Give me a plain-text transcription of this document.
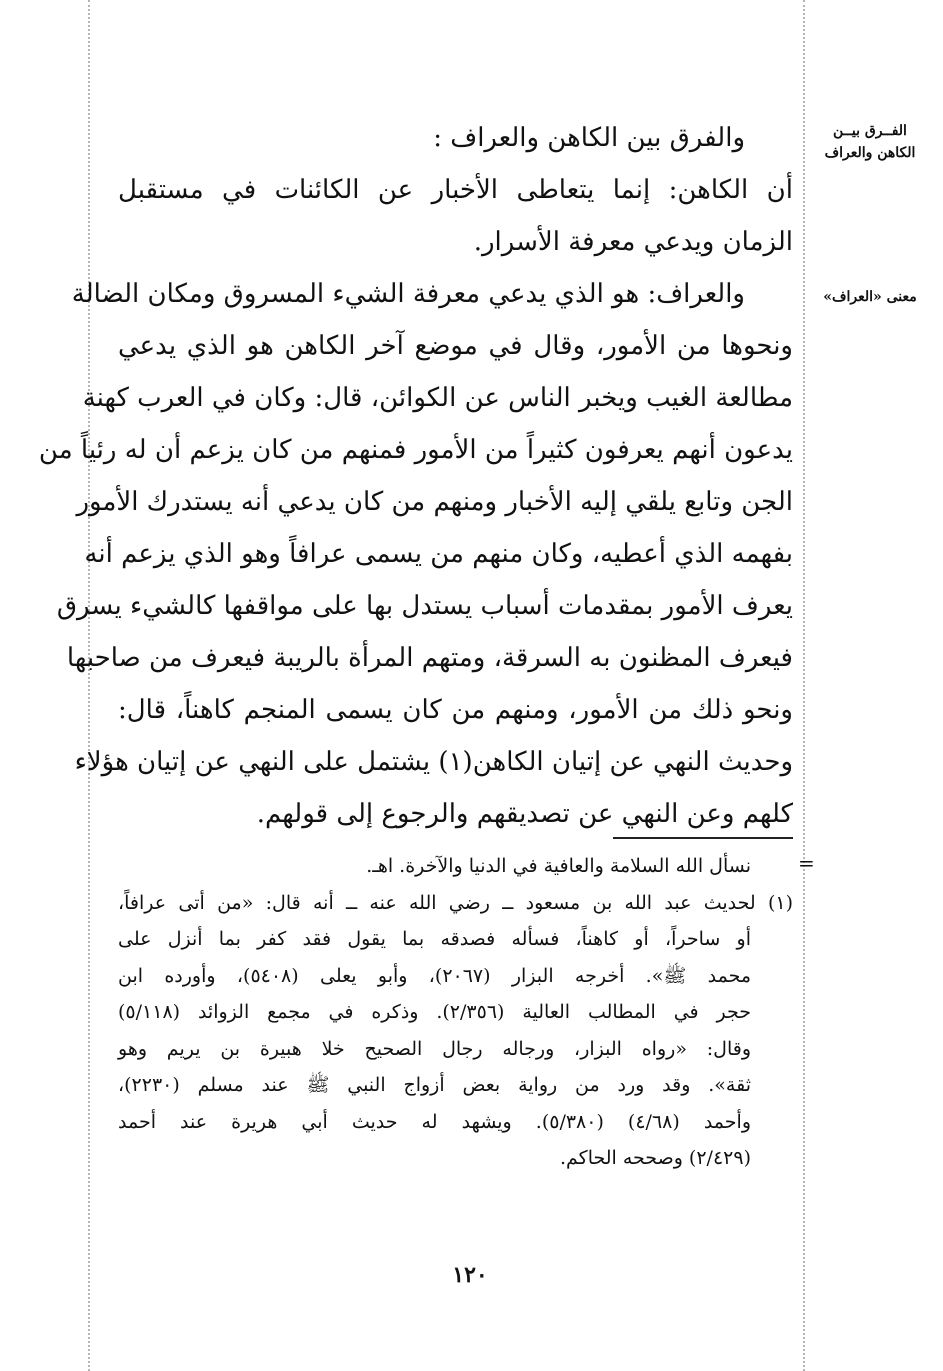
الفــرق بيــن
الكاهن والعراف
معنى «العراف»
والفرق بين الكاهن والعراف :
أن الكاهن: إنما يتعاطى الأخبار عن الكائنات في مستقبل
الزمان ويدعي معرفة الأسرار.
والعراف: هو الذي يدعي معرفة الشيء المسروق ومكان الضالة
ونحوها من الأمور، وقال في موضع آخر الكاهن هو الذي يدعي
مطالعة الغيب ويخبر الناس عن الكوائن، قال: وكان في العرب كهنة
يدعون أنهم يعرفون كثيراً من الأمور فمنهم من كان يزعم أن له رئياً من
الجن وتابع يلقي إليه الأخبار ومنهم من كان يدعي أنه يستدرك الأمور
بفهمه الذي أعطيه، وكان منهم من يسمى عرافاً وهو الذي يزعم أنه
يعرف الأمور بمقدمات أسباب يستدل بها على مواقفها كالشيء يسرق
فيعرف المظنون به السرقة، ومتهم المرأة بالريبة فيعرف من صاحبها
ونحو ذلك من الأمور، ومنهم من كان يسمى المنجم كاهناً، قال:
وحديث النهي عن إتيان الكاهن(١) يشتمل على النهي عن إتيان هؤلاء
كلهم وعن النهي عن تصديقهم والرجوع إلى قولهم.
=
نسأل الله السلامة والعافية في الدنيا والآخرة. اهـ.
(١) لحديث عبد الله بن مسعود ــ رضي الله عنه ــ أنه قال: «من أتى عرافاً،
أو ساحراً، أو كاهناً، فسأله فصدقه بما يقول فقد كفر بما أنزل على
محمد ﷺ». أخرجه البزار (٢٠٦٧)، وأبو يعلى (٥٤٠٨)، وأورده ابن
حجر في المطالب العالية (٢/٣٥٦). وذكره في مجمع الزوائد (٥/١١٨)
وقال: «رواه البزار، ورجاله رجال الصحيح خلا هبيرة بن يريم وهو
ثقة». وقد ورد من رواية بعض أزواج النبي ﷺ عند مسلم (٢٢٣٠)،
وأحمد (٤/٦٨) (٥/٣٨٠). ويشهد له حديث أبي هريرة عند أحمد
(٢/٤٢٩) وصححه الحاكم.
١٢٠
